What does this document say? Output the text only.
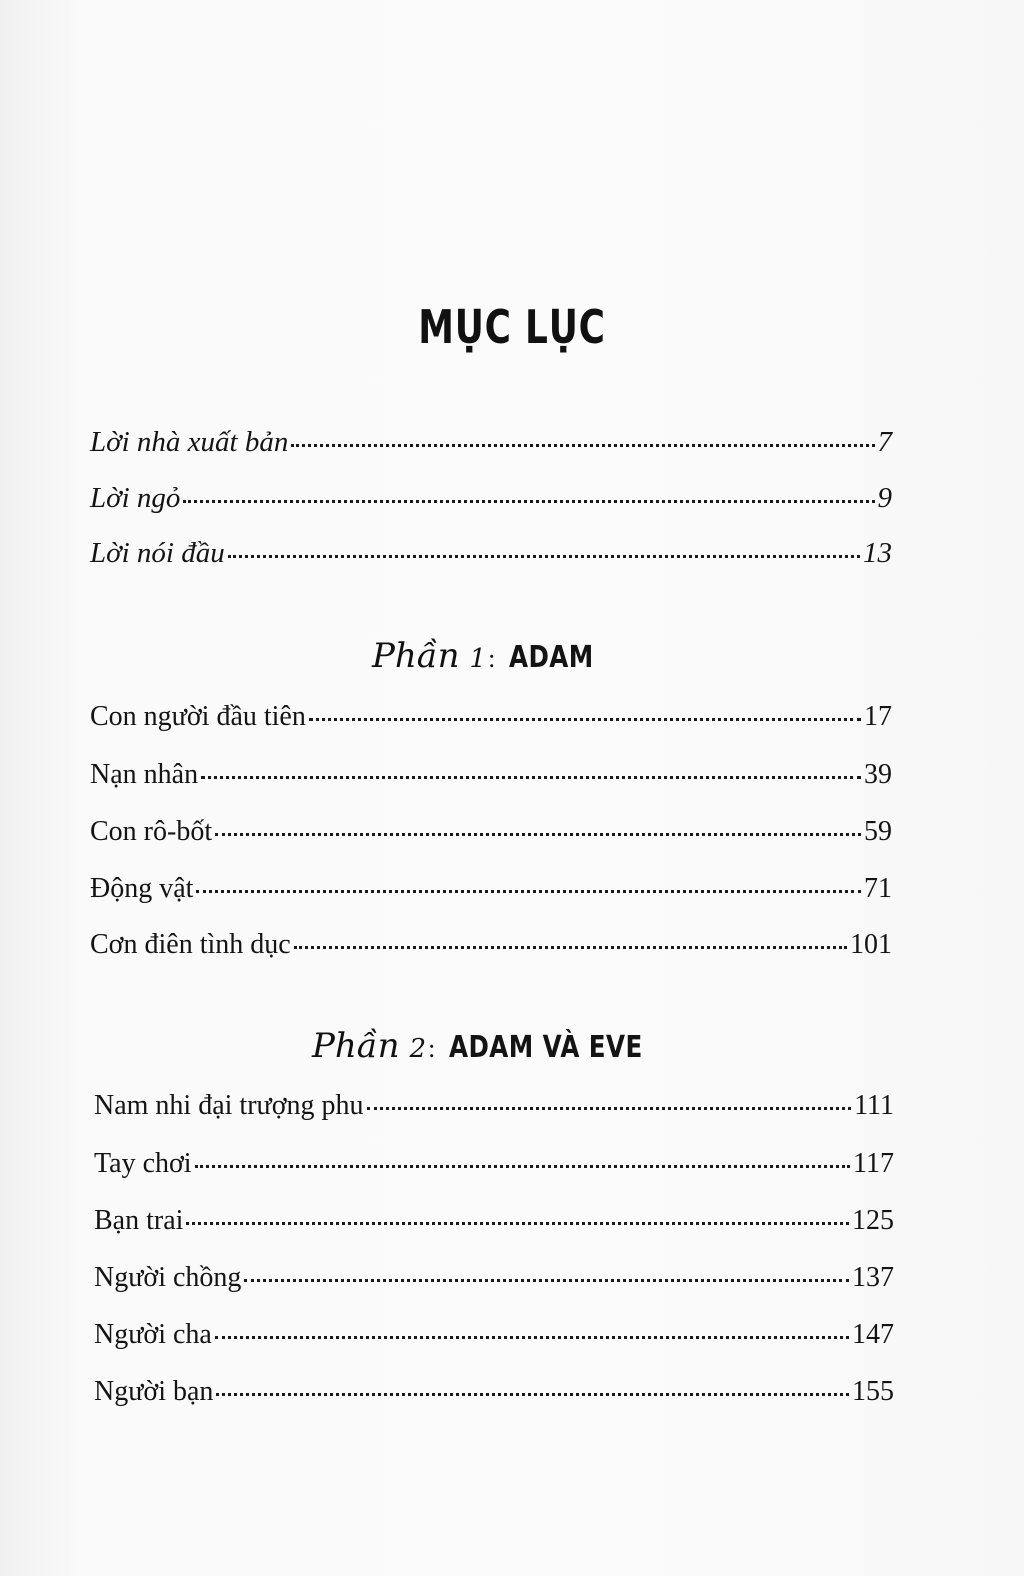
MỤC LỤC
Lời nhà xuất bản	7
Lời ngỏ	9
Lời nói đầu	13
Phần 1 : ADAM
Con người đầu tiên	17
Nạn nhân	39
Con rô-bốt	59
Động vật	71
Cơn điên tình dục	101
Phần 2 : ADAM VÀ EVE
Nam nhi đại trượng phu	111
Tay chơi	117
Bạn trai	125
Người chồng	137
Người cha	147
Người bạn	155
